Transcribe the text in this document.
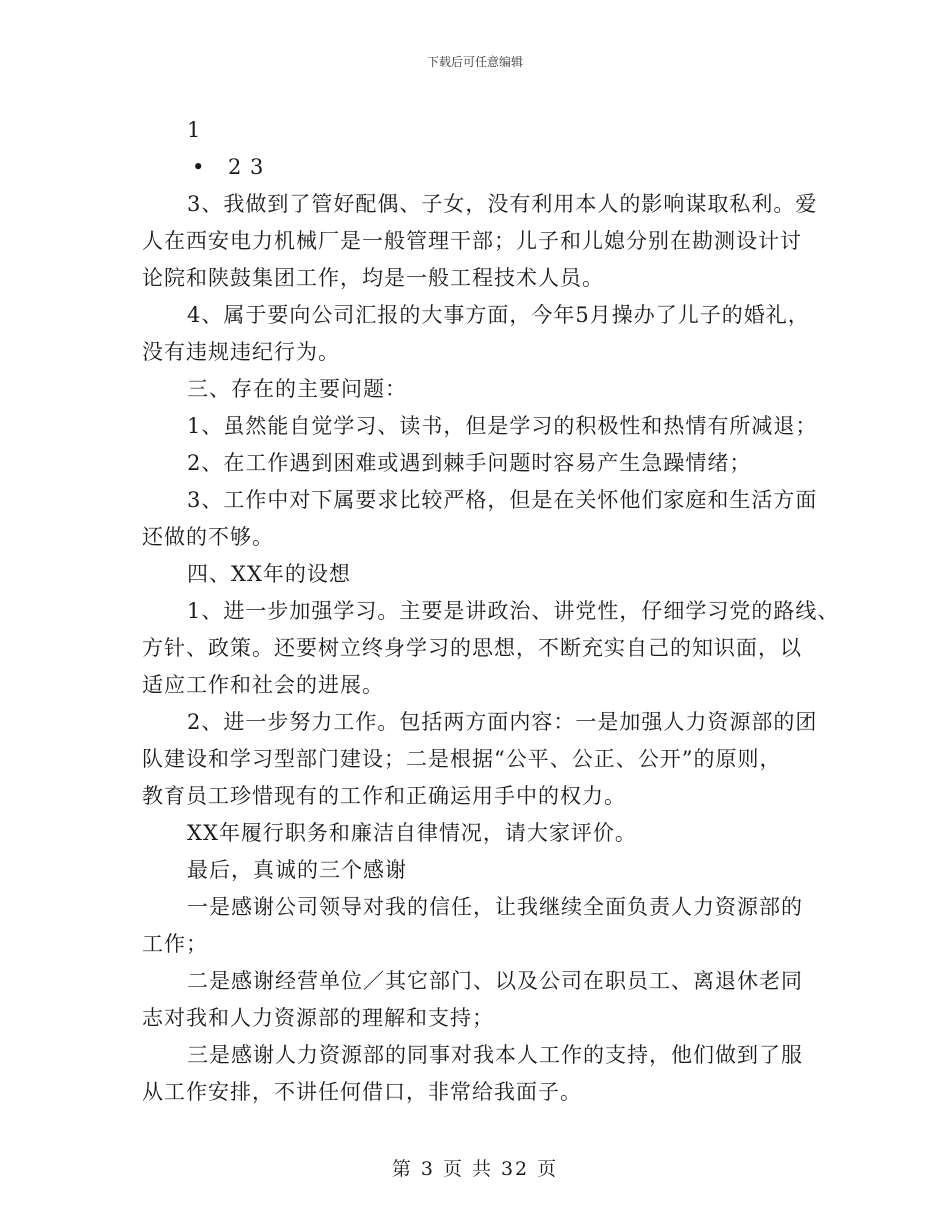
下载后可任意编辑
1
• 2 3
3、我做到了管好配偶、子女，没有利用本人的影响谋取私利。爱
人在西安电力机械厂是一般管理干部；儿子和儿媳分别在勘测设计讨
论院和陕鼓集团工作，均是一般工程技术人员。
4、属于要向公司汇报的大事方面，今年5月操办了儿子的婚礼，
没有违规违纪行为。
三、存在的主要问题：
1、虽然能自觉学习、读书，但是学习的积极性和热情有所减退；
2、在工作遇到困难或遇到棘手问题时容易产生急躁情绪；
3、工作中对下属要求比较严格，但是在关怀他们家庭和生活方面
还做的不够。
四、XX年的设想
1、进一步加强学习。主要是讲政治、讲党性，仔细学习党的路线、
方针、政策。还要树立终身学习的思想，不断充实自己的知识面，以
适应工作和社会的进展。
2、进一步努力工作。包括两方面内容：一是加强人力资源部的团
队建设和学习型部门建设；二是根据“公平、公正、公开”的原则，
教育员工珍惜现有的工作和正确运用手中的权力。
XX年履行职务和廉洁自律情况，请大家评价。
最后，真诚的三个感谢
一是感谢公司领导对我的信任，让我继续全面负责人力资源部的
工作；
二是感谢经营单位／其它部门、以及公司在职员工、离退休老同
志对我和人力资源部的理解和支持；
三是感谢人力资源部的同事对我本人工作的支持，他们做到了服
从工作安排，不讲任何借口，非常给我面子。
第 3 页 共 32 页
